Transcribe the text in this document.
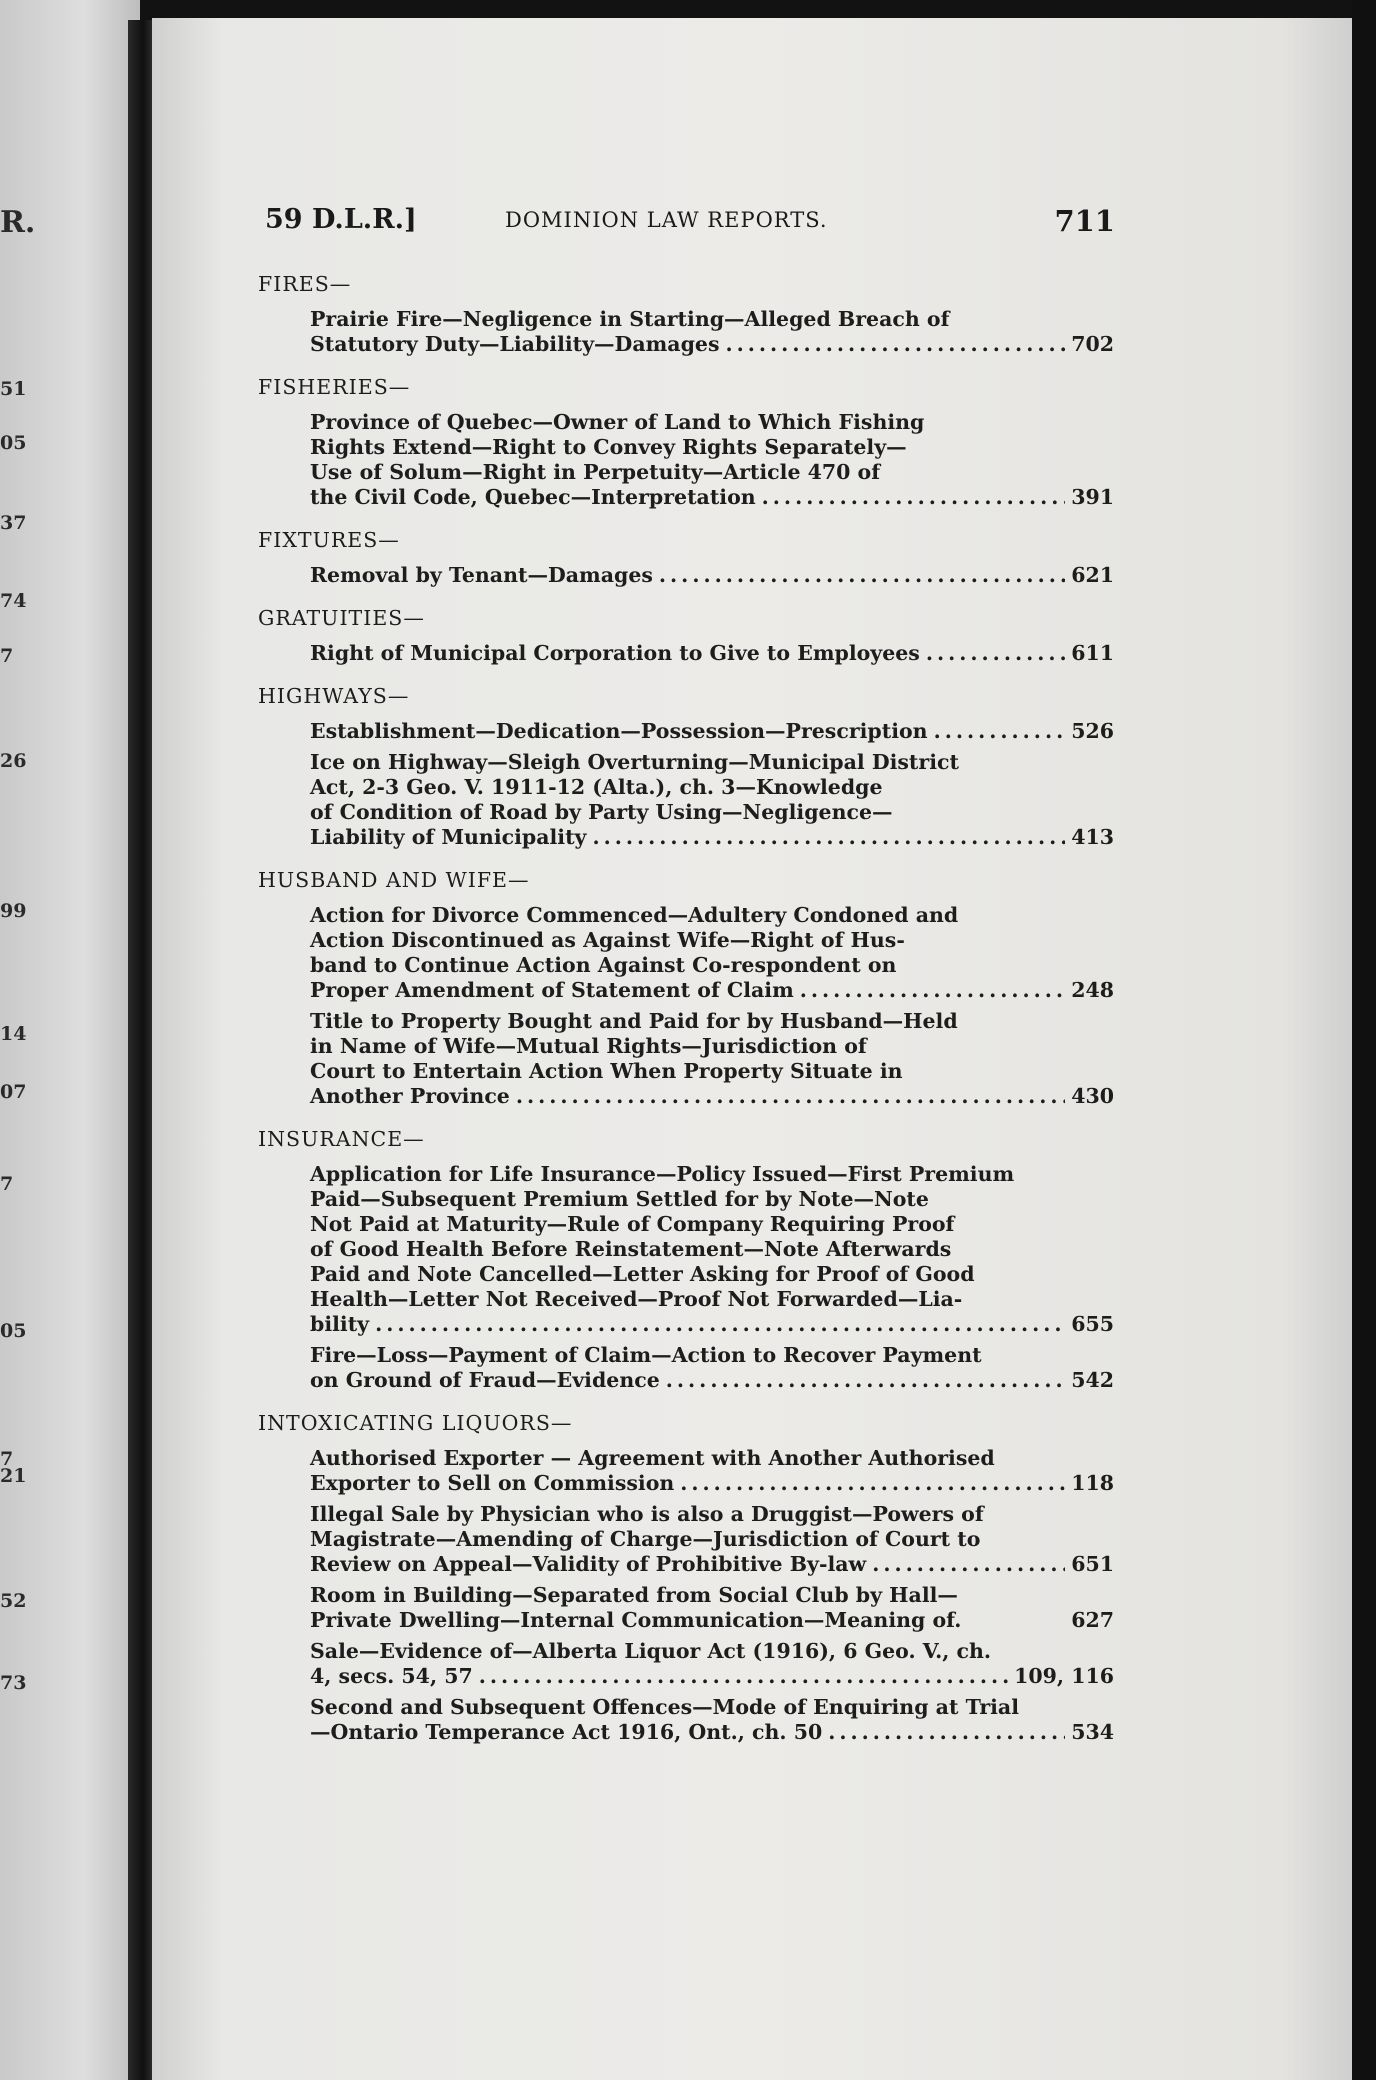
R.
51
05
37
74
7
26
99
14
07
7
05
7
21
52
73
59 D.L.R.]	DOMINION LAW REPORTS.	711
FIRES—
Prairie Fire—Negligence in Starting—Alleged Breach of
Statutory Duty—Liability—Damages .....	702
FISHERIES—
Province of Quebec—Owner of Land to Which Fishing
Rights Extend—Right to Convey Rights Separately—
Use of Solum—Right in Perpetuity—Article 470 of
the Civil Code, Quebec—Interpretation .....	391
FIXTURES—
Removal by Tenant—Damages .....	621
GRATUITIES—
Right of Municipal Corporation to Give to Employees .....	611
HIGHWAYS—
Establishment—Dedication—Possession—Prescription .....	526
Ice on Highway—Sleigh Overturning—Municipal District
Act, 2-3 Geo. V. 1911-12 (Alta.), ch. 3—Knowledge
of Condition of Road by Party Using—Negligence—
Liability of Municipality .....	413
HUSBAND AND WIFE—
Action for Divorce Commenced—Adultery Condoned and
Action Discontinued as Against Wife—Right of Hus-
band to Continue Action Against Co-respondent on
Proper Amendment of Statement of Claim .....	248
Title to Property Bought and Paid for by Husband—Held
in Name of Wife—Mutual Rights—Jurisdiction of
Court to Entertain Action When Property Situate in
Another Province .....	430
INSURANCE—
Application for Life Insurance—Policy Issued—First Premium
Paid—Subsequent Premium Settled for by Note—Note
Not Paid at Maturity—Rule of Company Requiring Proof
of Good Health Before Reinstatement—Note Afterwards
Paid and Note Cancelled—Letter Asking for Proof of Good
Health—Letter Not Received—Proof Not Forwarded—Lia-
bility .....	655
Fire—Loss—Payment of Claim—Action to Recover Payment
on Ground of Fraud—Evidence .....	542
INTOXICATING LIQUORS—
Authorised Exporter — Agreement with Another Authorised
Exporter to Sell on Commission .....	118
Illegal Sale by Physician who is also a Druggist—Powers of
Magistrate—Amending of Charge—Jurisdiction of Court to
Review on Appeal—Validity of Prohibitive By-law .....	651
Room in Building—Separated from Social Club by Hall—
Private Dwelling—Internal Communication—Meaning of.	627
Sale—Evidence of—Alberta Liquor Act (1916), 6 Geo. V., ch.
4, secs. 54, 57 .....	109, 116
Second and Subsequent Offences—Mode of Enquiring at Trial
—Ontario Temperance Act 1916, Ont., ch. 50 .....	534
